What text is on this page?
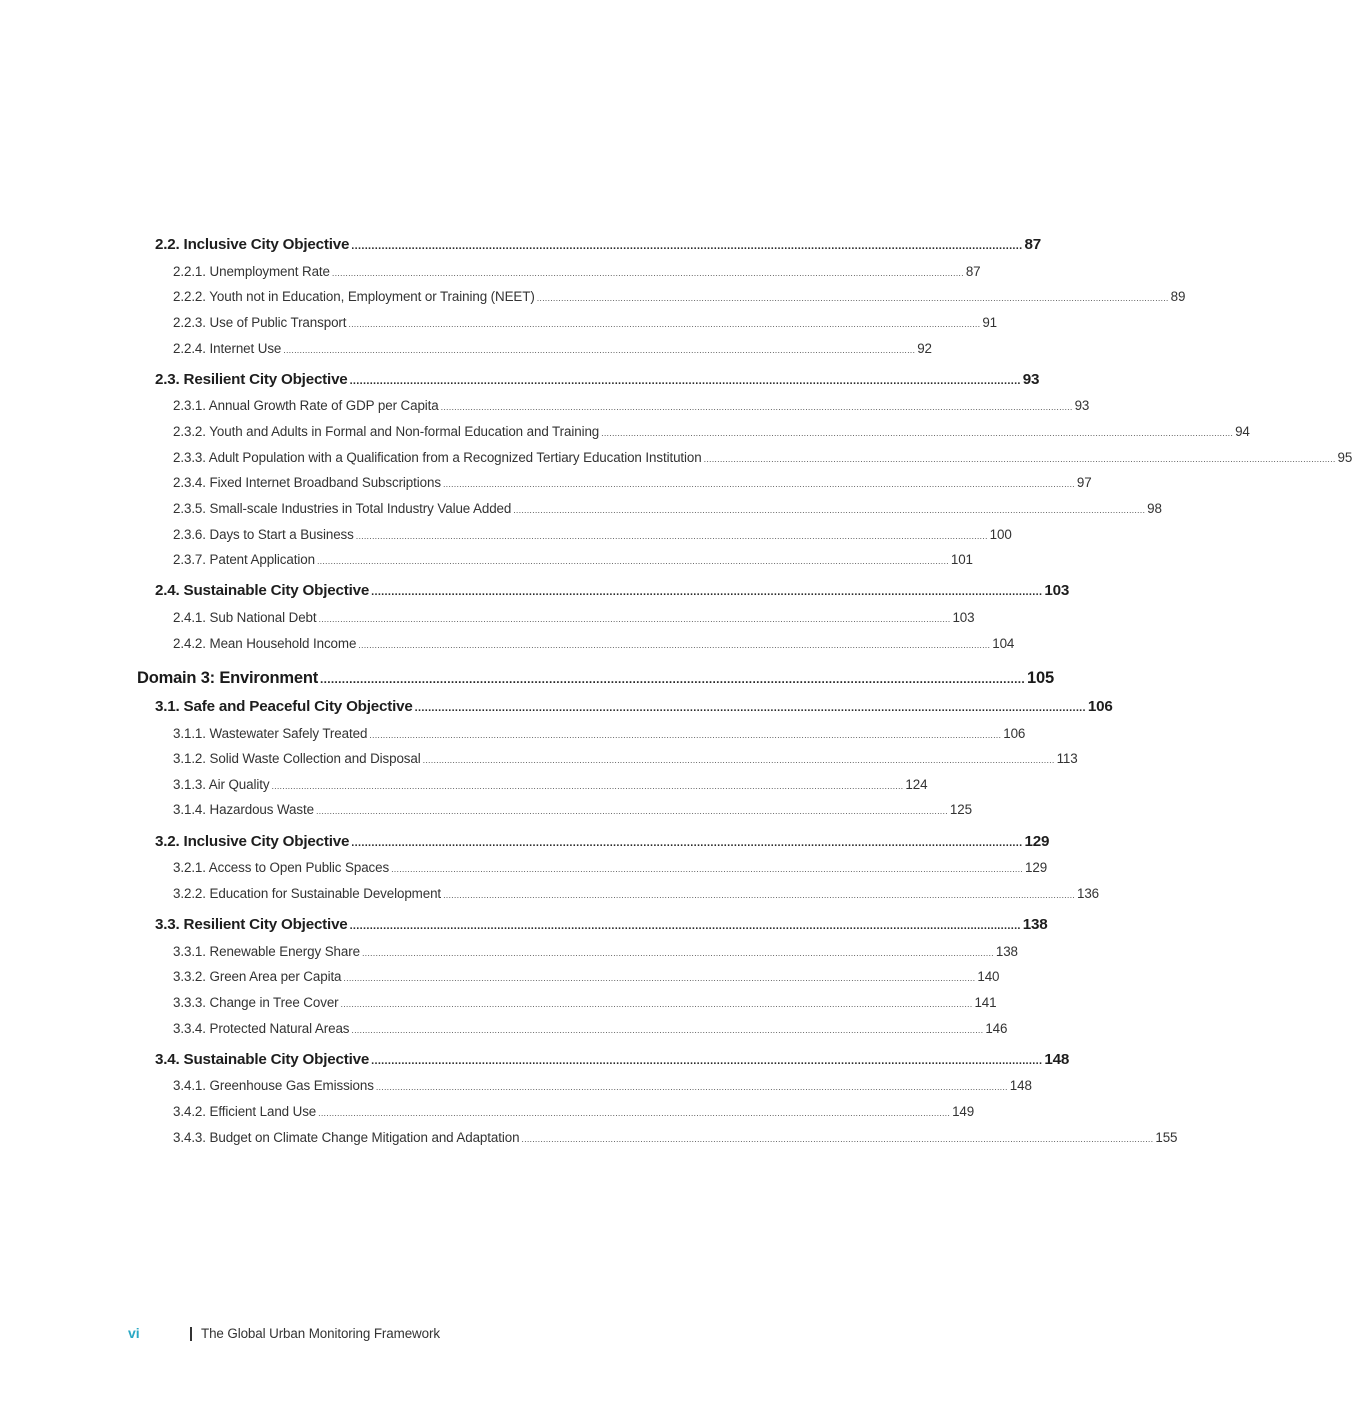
2.2. Inclusive City Objective ........................................................................................................................................................................................................ 87
2.2.1. Unemployment Rate .......................................................................................................................................................................................................................................... 87
2.2.2. Youth not in Education, Employment or Training (NEET) .......................................................................................................................................................................................................................................... 89
2.2.3. Use of Public Transport .......................................................................................................................................................................................................................................... 91
2.2.4. Internet Use .......................................................................................................................................................................................................................................... 92
2.3. Resilient City Objective ........................................................................................................................................................................................................ 93
2.3.1. Annual Growth Rate of GDP per Capita .......................................................................................................................................................................................................................................... 93
2.3.2. Youth and Adults in Formal and Non-formal Education and Training .......................................................................................................................................................................................................................................... 94
2.3.3. Adult Population with a Qualification from a Recognized Tertiary Education Institution .......................................................................................................................................................................................................................................... 95
2.3.4. Fixed Internet Broadband Subscriptions .......................................................................................................................................................................................................................................... 97
2.3.5. Small-scale Industries in Total Industry Value Added .......................................................................................................................................................................................................................................... 98
2.3.6. Days to Start a Business .......................................................................................................................................................................................................................................... 100
2.3.7. Patent Application .......................................................................................................................................................................................................................................... 101
2.4. Sustainable City Objective ........................................................................................................................................................................................................ 103
2.4.1. Sub National Debt .......................................................................................................................................................................................................................................... 103
2.4.2. Mean Household Income .......................................................................................................................................................................................................................................... 104
Domain 3: Environment .................................................................................................................................................................................................. 105
3.1. Safe and Peaceful City Objective ........................................................................................................................................................................................................ 106
3.1.1. Wastewater Safely Treated .......................................................................................................................................................................................................................................... 106
3.1.2. Solid Waste Collection and Disposal .......................................................................................................................................................................................................................................... 113
3.1.3. Air Quality .......................................................................................................................................................................................................................................... 124
3.1.4. Hazardous Waste .......................................................................................................................................................................................................................................... 125
3.2. Inclusive City Objective ........................................................................................................................................................................................................ 129
3.2.1. Access to Open Public Spaces .......................................................................................................................................................................................................................................... 129
3.2.2. Education for Sustainable Development .......................................................................................................................................................................................................................................... 136
3.3. Resilient City Objective ........................................................................................................................................................................................................ 138
3.3.1. Renewable Energy Share .......................................................................................................................................................................................................................................... 138
3.3.2. Green Area per Capita .......................................................................................................................................................................................................................................... 140
3.3.3. Change in Tree Cover .......................................................................................................................................................................................................................................... 141
3.3.4. Protected Natural Areas .......................................................................................................................................................................................................................................... 146
3.4. Sustainable City Objective ........................................................................................................................................................................................................ 148
3.4.1. Greenhouse Gas Emissions .......................................................................................................................................................................................................................................... 148
3.4.2. Efficient Land Use .......................................................................................................................................................................................................................................... 149
3.4.3. Budget on Climate Change Mitigation and Adaptation .......................................................................................................................................................................................................................................... 155
vi	The Global Urban Monitoring Framework
